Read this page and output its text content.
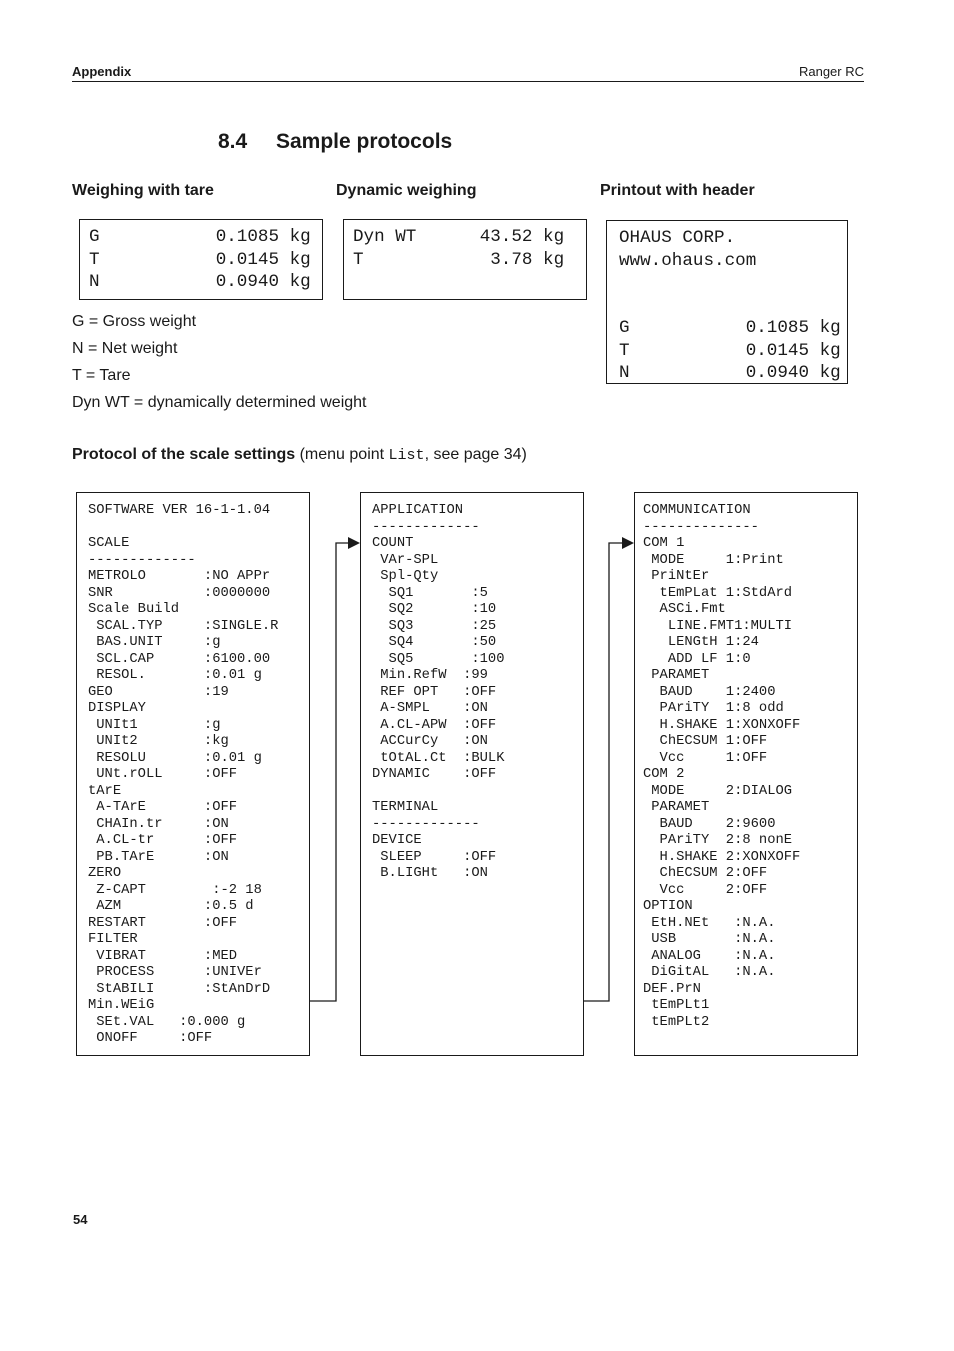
Appendix	Ranger RC
8.4 Sample protocols
Weighing with tare	Dynamic weighing	Printout with header
G           0.1085 kg
T           0.0145 kg
N           0.0940 kg
Dyn WT      43.52 kg
T            3.78 kg
OHAUS CORP.
www.ohaus.com

G           0.1085 kg
T           0.0145 kg
N           0.0940 kg
G = Gross weight
N = Net weight
T = Tare
Dyn WT = dynamically determined weight
Protocol of the scale settings (menu point List, see page 34)
SOFTWARE VER 16-1-1.04

SCALE
-------------
METROLO       :NO APPr
SNR           :0000000
Scale Build
SCAL.TYP     :SINGLE.R
BAS.UNIT     :g
SCL.CAP      :6100.00
RESOL.       :0.01 g
GEO           :19
DISPLAY
UNIt1        :g
UNIt2        :kg
RESOLU       :0.01 g
UNt.rOLL     :OFF
tArE
A-TArE       :OFF
CHAIn.tr     :ON
A.CL-tr      :OFF
PB.TArE      :ON
ZERO
Z-CAPT        :-2 18
AZM          :0.5 d
RESTART       :OFF
FILTER
VIBRAT       :MED
PROCESS      :UNIVEr
StABILI      :StAnDrD
Min.WEiG
SEt.VAL   :0.000 g
ONOFF     :OFF
APPLICATION
-------------
COUNT
VAr-SPL
Spl-Qty
SQ1       :5
SQ2       :10
SQ3       :25
SQ4       :50
SQ5       :100
Min.RefW  :99
REF OPT   :OFF
A-SMPL    :ON
A.CL-APW  :OFF
ACCurCy   :ON
tOtAL.Ct  :BULK
DYNAMIC    :OFF

TERMINAL
-------------
DEVICE
SLEEP     :OFF
B.LIGHt   :ON
COMMUNICATION
--------------
COM 1
MODE     1:Print
PriNtEr
tEmPLat 1:StdArd
ASCi.Fmt
LINE.FMT1:MULTI
LENGtH 1:24
ADD LF 1:0
PARAMET
BAUD    1:2400
PAriTY  1:8 odd
H.SHAKE 1:XONXOFF
ChECSUM 1:OFF
Vcc     1:OFF
COM 2
MODE     2:DIALOG
PARAMET
BAUD    2:9600
PAriTY  2:8 nonE
H.SHAKE 2:XONXOFF
ChECSUM 2:OFF
Vcc     2:OFF
OPTION
EtH.NEt   :N.A.
USB       :N.A.
ANALOG    :N.A.
DiGitAL   :N.A.
DEF.PrN
tEmPLt1
tEmPLt2
54
